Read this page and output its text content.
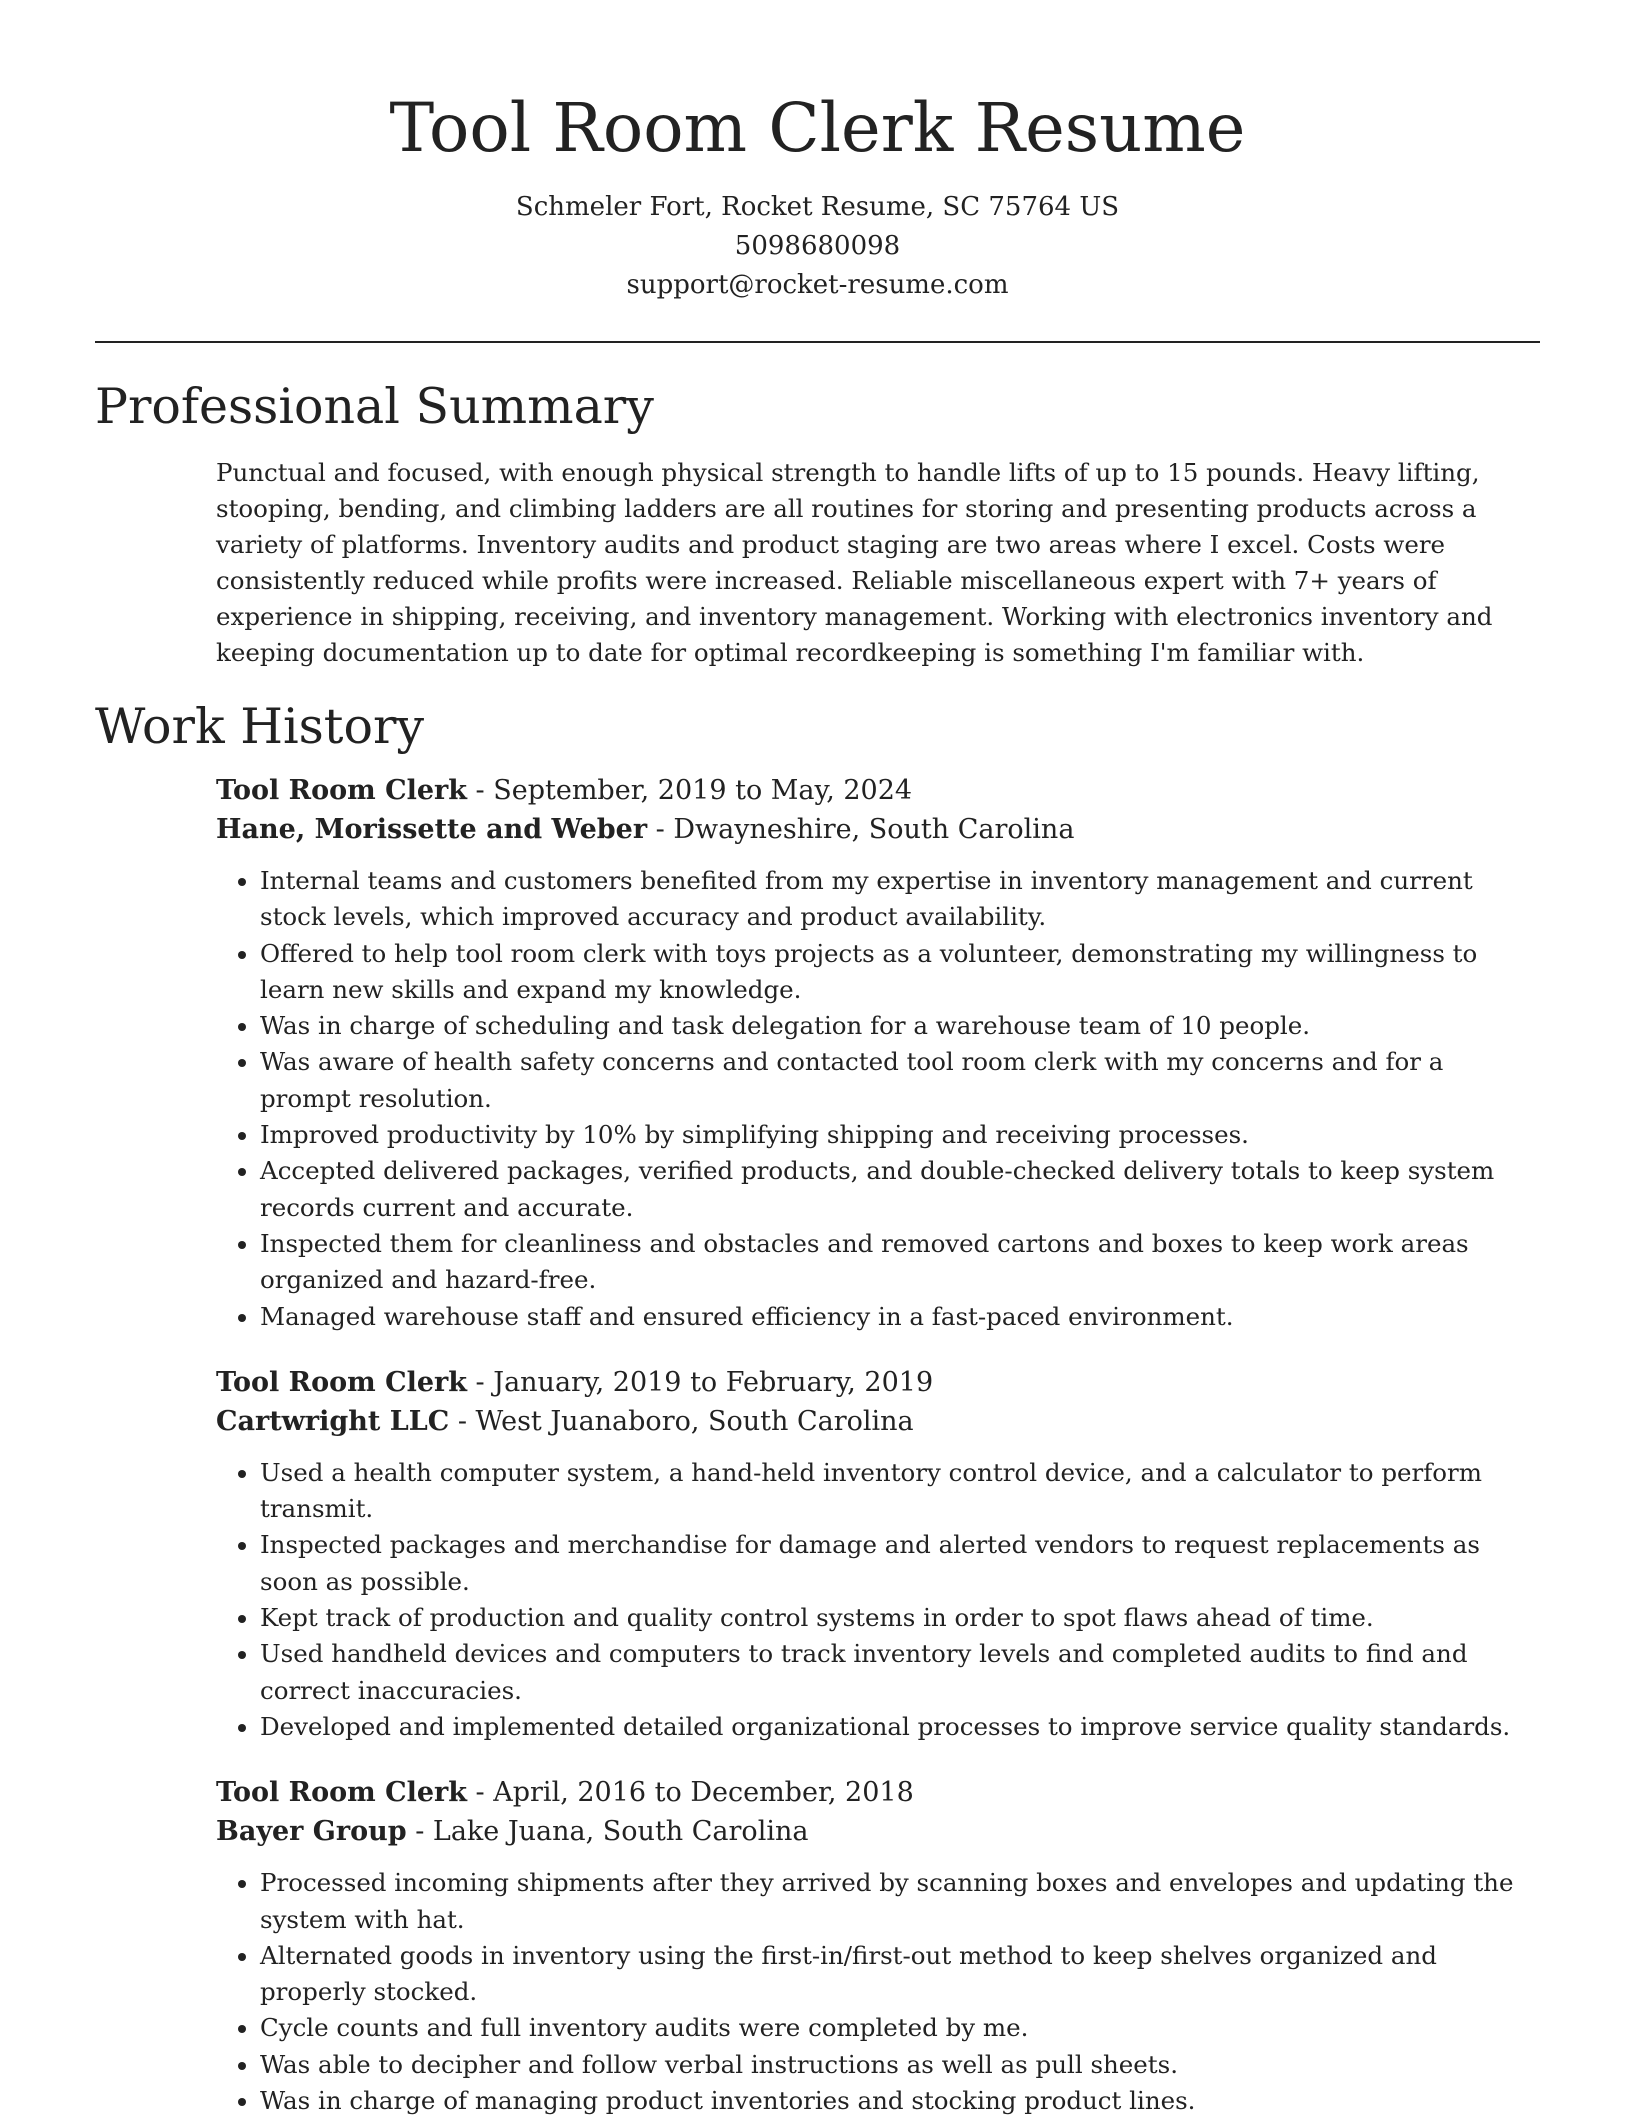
Tool Room Clerk Resume
Schmeler Fort, Rocket Resume, SC 75764 US
5098680098
support@rocket-resume.com
Professional Summary

Punctual and focused, with enough physical strength to handle lifts of up to 15 pounds. Heavy lifting, stooping, bending, and climbing ladders are all routines for storing and presenting products across a variety of platforms. Inventory audits and product staging are two areas where I excel. Costs were consistently reduced while profits were increased. Reliable miscellaneous expert with 7+ years of experience in shipping, receiving, and inventory management. Working with electronics inventory and keeping documentation up to date for optimal recordkeeping is something I'm familiar with.

Work History
Tool Room Clerk - September, 2019 to May, 2024
Hane, Morissette and Weber - Dwayneshire, South Carolina
• Internal teams and customers benefited from my expertise in inventory management and current stock levels, which improved accuracy and product availability.
• Offered to help tool room clerk with toys projects as a volunteer, demonstrating my willingness to learn new skills and expand my knowledge.
• Was in charge of scheduling and task delegation for a warehouse team of 10 people.
• Was aware of health safety concerns and contacted tool room clerk with my concerns and for a prompt resolution.
• Improved productivity by 10% by simplifying shipping and receiving processes.
• Accepted delivered packages, verified products, and double-checked delivery totals to keep system records current and accurate.
• Inspected them for cleanliness and obstacles and removed cartons and boxes to keep work areas organized and hazard-free.
• Managed warehouse staff and ensured efficiency in a fast-paced environment.
Tool Room Clerk - January, 2019 to February, 2019
Cartwright LLC - West Juanaboro, South Carolina
• Used a health computer system, a hand-held inventory control device, and a calculator to perform transmit.
• Inspected packages and merchandise for damage and alerted vendors to request replacements as soon as possible.
• Kept track of production and quality control systems in order to spot flaws ahead of time.
• Used handheld devices and computers to track inventory levels and completed audits to find and correct inaccuracies.
• Developed and implemented detailed organizational processes to improve service quality standards.
Tool Room Clerk - April, 2016 to December, 2018
Bayer Group - Lake Juana, South Carolina
• Processed incoming shipments after they arrived by scanning boxes and envelopes and updating the system with hat.
• Alternated goods in inventory using the first-in/first-out method to keep shelves organized and properly stocked.
• Cycle counts and full inventory audits were completed by me.
• Was able to decipher and follow verbal instructions as well as pull sheets.
• Was in charge of managing product inventories and stocking product lines.
